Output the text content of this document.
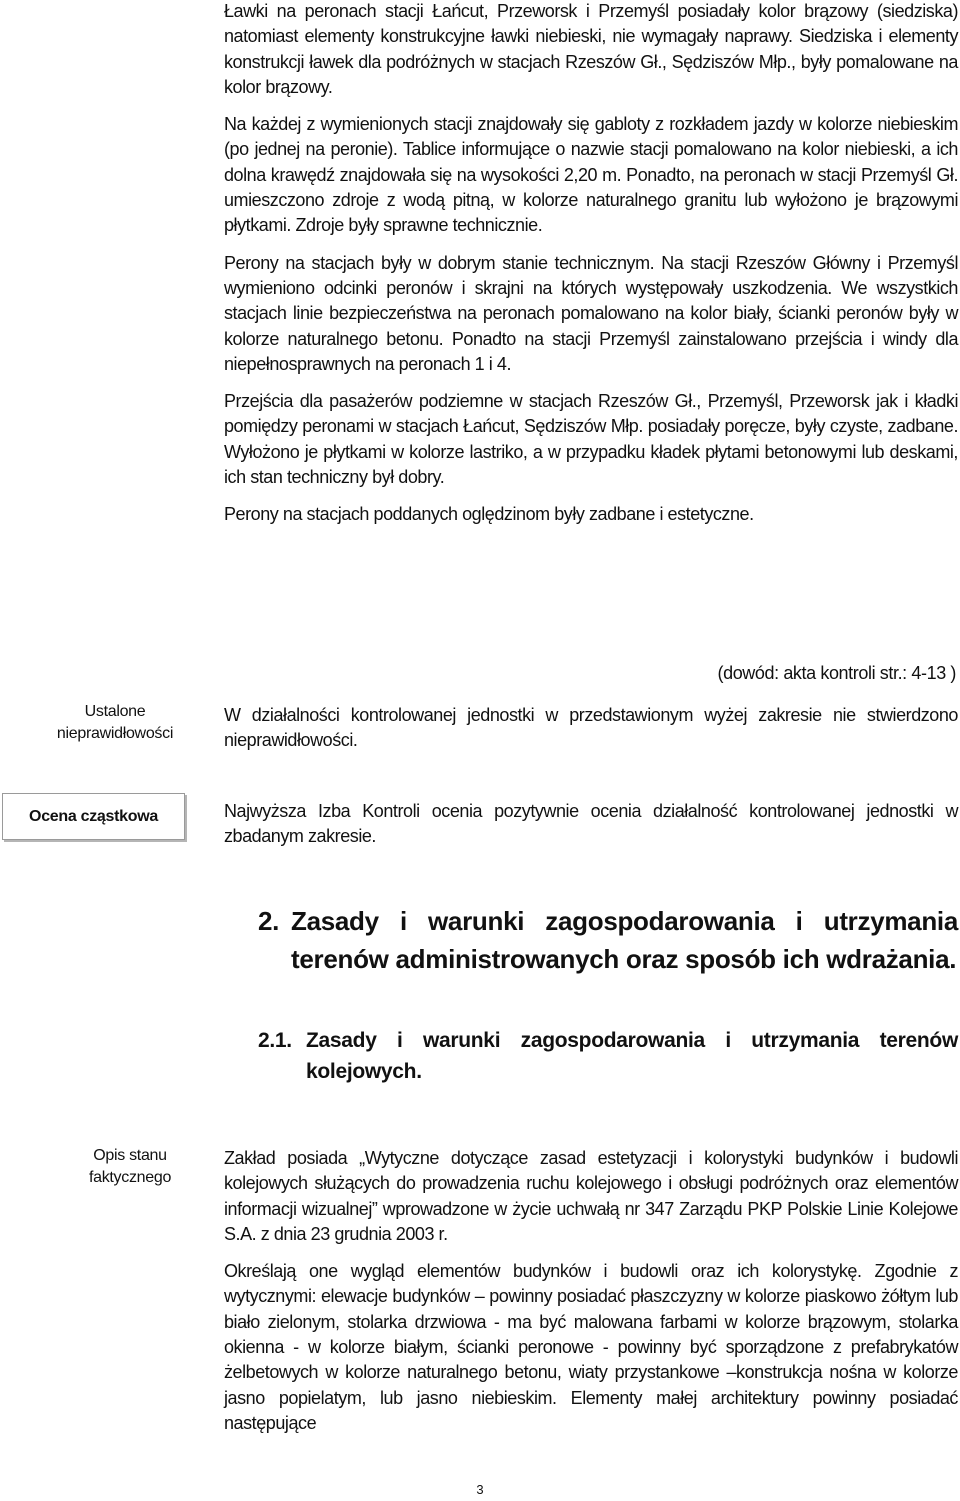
Ławki na peronach stacji Łańcut, Przeworsk i Przemyśl posiadały kolor brązowy (siedziska) natomiast elementy konstrukcyjne ławki niebieski, nie wymagały naprawy. Siedziska i elementy konstrukcji ławek dla podróżnych w stacjach Rzeszów Gł., Sędziszów Młp., były pomalowane na kolor brązowy.

Na każdej z wymienionych stacji znajdowały się gabloty z rozkładem jazdy w kolorze niebieskim (po jednej na peronie). Tablice informujące o nazwie stacji pomalowano na kolor niebieski, a ich dolna krawędź znajdowała się na wysokości 2,20 m. Ponadto, na peronach w stacji Przemyśl Gł. umieszczono zdroje z wodą pitną, w kolorze naturalnego granitu lub wyłożono je brązowymi płytkami. Zdroje były sprawne technicznie.

Perony na stacjach były w dobrym stanie technicznym. Na stacji Rzeszów Główny i Przemyśl wymieniono odcinki peronów i skrajni na których występowały uszkodzenia. We wszystkich stacjach linie bezpieczeństwa na peronach pomalowano na kolor biały, ścianki peronów były w kolorze naturalnego betonu. Ponadto na stacji Przemyśl zainstalowano przejścia i windy dla niepełnosprawnych na peronach 1 i 4.

Przejścia dla pasażerów podziemne w stacjach Rzeszów Gł., Przemyśl, Przeworsk jak i kładki pomiędzy peronami w stacjach Łańcut, Sędziszów Młp. posiadały poręcze, były czyste, zadbane. Wyłożono je płytkami w kolorze lastriko, a w przypadku kładek płytami betonowymi lub deskami, ich stan techniczny był dobry.

Perony na stacjach poddanych oględzinom były zadbane i estetyczne.

(dowód: akta kontroli str.: 4-13 )
Ustalone nieprawidłowości

W działalności kontrolowanej jednostki w przedstawionym wyżej zakresie nie stwierdzono nieprawidłowości.

Ocena cząstkowa	Najwyższa Izba Kontroli ocenia pozytywnie ocenia działalność kontrolowanej jednostki w zbadanym zakresie.

2. Zasady i warunki zagospodarowania i utrzymania terenów administrowanych oraz sposób ich wdrażania.
2.1. Zasady i warunki zagospodarowania i utrzymania terenów kolejowych.
Opis stanu faktycznego

Zakład posiada „Wytyczne dotyczące zasad estetyzacji i kolorystyki budynków i budowli kolejowych służących do prowadzenia ruchu kolejowego i obsługi podróżnych oraz elementów informacji wizualnej” wprowadzone w życie uchwałą nr 347 Zarządu PKP Polskie Linie Kolejowe S.A. z dnia 23 grudnia 2003 r.

Określają one wygląd elementów budynków i budowli oraz ich kolorystykę. Zgodnie z wytycznymi: elewacje budynków – powinny posiadać płaszczyzny w kolorze piaskowo żółtym lub biało zielonym, stolarka drzwiowa - ma być malowana farbami w kolorze brązowym, stolarka okienna - w kolorze białym, ścianki peronowe - powinny być sporządzone z prefabrykatów żelbetowych w kolorze naturalnego betonu, wiaty przystankowe –konstrukcja nośna w kolorze jasno popielatym, lub jasno niebieskim. Elementy małej architektury powinny posiadać następujące

3
